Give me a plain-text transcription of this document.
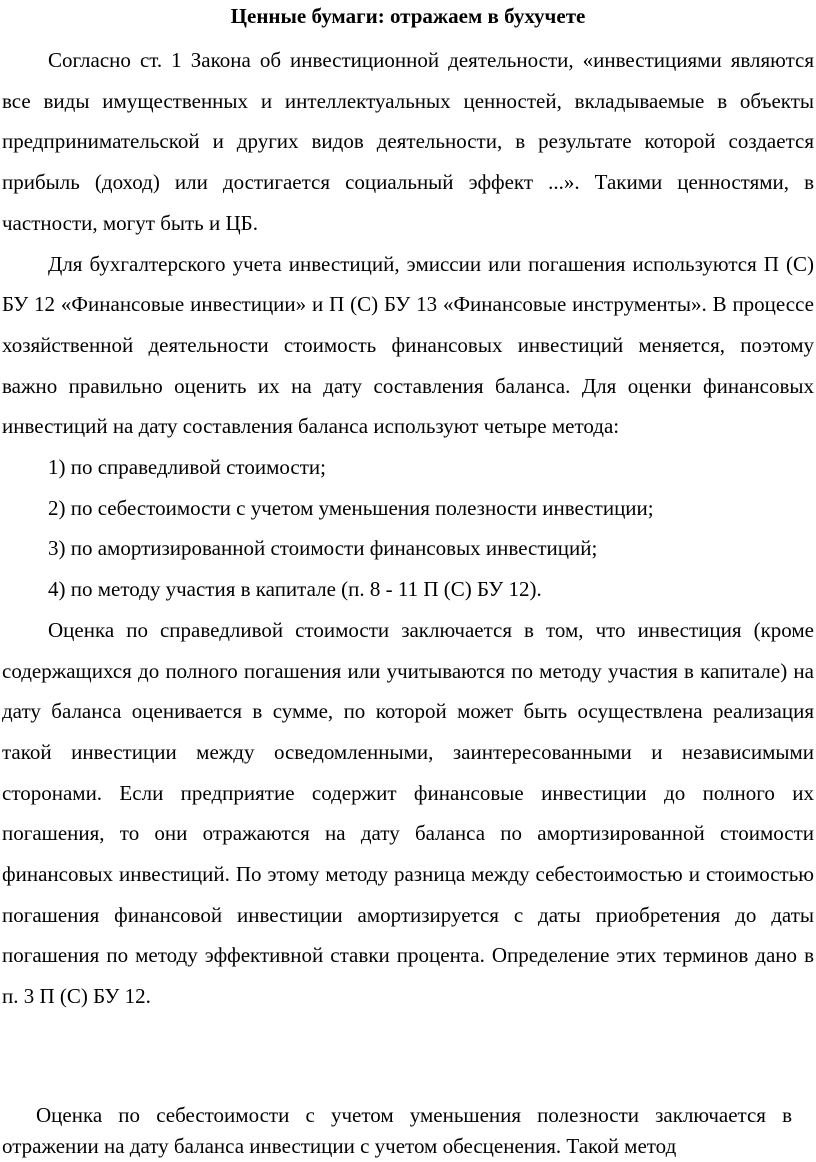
Ценные бумаги: отражаем в бухучете

Согласно ст. 1 Закона об инвестиционной деятельности, «инвестициями являются все виды имущественных и интеллектуальных ценностей, вкладываемые в объекты предпринимательской и других видов деятельности, в результате которой создается прибыль (доход) или достигается социальный эффект ...». Такими ценностями, в частности, могут быть и ЦБ.

Для бухгалтерского учета инвестиций, эмиссии или погашения используются П (С) БУ 12 «Финансовые инвестиции» и П (С) БУ 13 «Финансовые инструменты». В процессе хозяйственной деятельности стоимость финансовых инвестиций меняется, поэтому важно правильно оценить их на дату составления баланса. Для оценки финансовых инвестиций на дату составления баланса используют четыре метода:

1) по справедливой стоимости;

2) по себестоимости с учетом уменьшения полезности инвестиции;

3) по амортизированной стоимости финансовых инвестиций;

4) по методу участия в капитале (п. 8 - 11 П (С) БУ 12).

Оценка по справедливой стоимости заключается в том, что инвестиция (кроме содержащихся до полного погашения или учитываются по методу участия в капитале) на дату баланса оценивается в сумме, по которой может быть осуществлена реализация такой инвестиции между осведомленными, заинтересованными и независимыми сторонами. Если предприятие содержит финансовые инвестиции до полного их погашения, то они отражаются на дату баланса по амортизированной стоимости финансовых инвестиций. По этому методу разница между себестоимостью и стоимостью погашения финансовой инвестиции амортизируется с даты приобретения до даты погашения по методу эффективной ставки процента. Определение этих терминов дано в п. 3 П (С) БУ 12.

Оценка по себестоимости с учетом уменьшения полезности заключается в отражении на дату баланса инвестиции с учетом обесценения. Такой метод
